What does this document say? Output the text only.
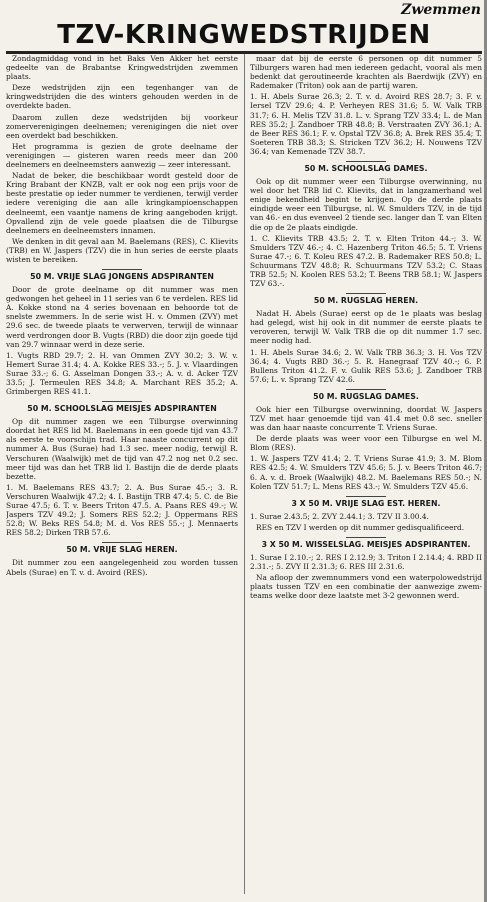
Zwemmen
TZV-KRINGWEDSTRIJDEN

Zondagmiddag vond in het Baks Ven Akker het eerste gedeelte van de Brabantse Kringwedstrijden zwemmen plaats.

Deze wedstrijden zijn een tegenhanger van de kringwedstrijden die des winters gehouden werden in de overdekte baden.

Daarom zullen deze wedstrijden bij voorkeur zomerverenigingen deelnemen; verenigingen die niet over een overdekt bad beschikken.

Het programma is gezien de grote deelname der verenigingen — gisteren waren reeds meer dan 200 deelnemers en deelneemsters aanwezig — zeer interessant.

Nadat de beker, die beschikbaar wordt gesteld door de Kring Brabant der KNZB, valt er ook nog een prijs voor de beste prestatie op ieder nummer te verdienen, terwijl verder iedere vereniging die aan alle kringkampioenschappen deelneemt, een vaantje namens de kring aangeboden krijgt. Opvallend zijn de vele goede plaatsen die de Tilburgse deelnemers en deelneemsters innamen.

We denken in dit geval aan M. Baelemans (RES), C. Klievits (TRB) en W. Jaspers (TZV) die in hun series de eerste plaats wisten te bereiken.

50 M. VRIJE SLAG JONGENS ADSPIRANTEN

Door de grote deelname op dit nummer was men gedwongen het geheel in 11 series van 6 te verdelen. RES lid A. Kokke stond na 4 series bovenaan en behoorde tot de snelste zwemmers. In de serie wist H. v. Ommen (ZVY) met 29.6 sec. de tweede plaats te verwerven, terwijl de winnaar werd verdrongen door B. Vugts (RBD) die door zijn goede tijd van 29.7 winnaar werd in deze serie.

1. Vugts RBD 29.7; 2. H. van Ommen ZVY 30.2; 3. W. v. Hemert Surae 31.4; 4. A. Kokke RES 33.-; 5. J. v. Vlaardingen Surae 33.-; 6. G. Asselman Dongen 33.-; A. v. d. Acker TZV 33.5; J. Termeulen RES 34.8; A. Marchant RES 35.2; A. Grimbergen RES 41.1.

50 M. SCHOOLSLAG MEISJES ADSPIRANTEN

Op dit nummer zagen we een Tilburgse overwinning doordat het RES lid M. Baelemans in een goede tijd van 43.7 als eerste te voorschijn trad. Haar naaste concurrent op dit nummer A. Bus (Surae) had 1.3 sec. meer nodig, terwijl R. Verschuren (Waalwijk) met de tijd van 47.2 nog net 0.2 sec. meer tijd was dan het TRB lid I. Bastijn die de derde plaats bezette.

1. M. Baelemans RES 43.7; 2. A. Bus Surae 45.-; 3. R. Verschuren Waalwijk 47.2; 4. I. Bastijn TRB 47.4; 5. C. de Bie Surae 47.5; 6. T. v. Beers Triton 47.5. A. Paans RES 49.-; W. Jaspers TZV 49.2; J. Somers RES 52.2; J. Oppermans RES 52.8; W. Beks RES 54.8; M. d. Vos RES 55.-; J. Mennaerts RES 58.2; Dirken TRB 57.6.

50 M. VRIJE SLAG HEREN.

Dit nummer zou een aangelegenheid zou worden tussen Abels (Surae) en T. v. d. Avoird (RES).

maar dat bij de eerste 6 personen op dit nummer 5 Tilburgers waren had men iedereen gedacht, vooral als men bedenkt dat geroutineerde krachten als Baerdwijk (ZVY) en Rademaker (Triton) ook aan de partij waren.

1. H. Abels Surae 26.3; 2. T. v. d. Avoird RES 28.7; 3. F. v. Iersel TZV 29.6; 4. P. Verheyen RES 31.6; 5. W. Valk TRB 31.7; 6. H. Melis TZV 31.8. L. v. Sprang TZV 33.4; L. de Man RES 35.2; J. Zandboer TRB 48.8; B. Verstraaten ZVY 36.1; A. de Beer RES 36.1; F. v. Opstal TZV 36.8; A. Brek RES 35.4; T. Soeteren TRB 38.3; S. Stricken TZV 36.2; H. Nouwens TZV 36.4; van Kemenade TZV 38.7.

50 M. SCHOOLSLAG DAMES.

Ook op dit nummer weer een Tilburgse overwinning, nu wel door het TRB lid C. Klievits, dat in langzamerhand wel enige bekendheid begint te krijgen. Op de derde plaats eindigde weer een Tilburgse, nl. W. Smulders TZV, in de tijd van 46.- en dus evenveel 2 tiende sec. langer dan T. van Elten die op de 2e plaats eindigde.

1. C. Klievits TRB 43.5; 2. T. v. Elten Triton 44.-; 3. W. Smulders TZV 46.-; 4. C. Hazenberg Triton 46.5; 5. T. Vriens Surae 47.-; 6. T. Koleu RES 47.2. B. Rademaker RES 50.8; L. Schuurmans TZV 48.8; R. Schuurmans TZV 53.2; C. Staas TRB 52.5; N. Koolen RES 53.2; T. Beens TRB 58.1; W. Jaspers TZV 63.-.

50 M. RUGSLAG HEREN.

Nadat H. Abels (Surae) eerst op de 1e plaats was beslag had gelegd, wist hij ook in dit nummer de eerste plaats te veroveren, terwijl W. Valk TRB die op dit nummer 1.7 sec. meer nodig had.

1. H. Abels Surae 34.6; 2. W. Valk TRB 36.3; 3. H. Vos TZV 36.4; 4. Vugts RBD 36.-; 5. R. Hanegraaf TZV 40.-; 6. P. Bullens Triton 41.2. F. v. Gulik RES 53.6; J. Zandboer TRB 57.6; L. v. Sprang TZV 42.6.

50 M. RUGSLAG DAMES.

Ook hier een Tilburgse overwinning, doordat W. Jaspers TZV met haar genoemde tijd van 41.4 met 0.8 sec. sneller was dan haar naaste concurrente T. Vriens Surae.

De derde plaats was weer voor een Tilburgse en wel M. Blom (RES).

1. W. Jaspers TZV 41.4; 2. T. Vriens Surae 41.9; 3. M. Blom RES 42.5; 4. W. Smulders TZV 45.6; 5. J. v. Beers Triton 46.7; 6. A. v. d. Broek (Waalwijk) 48.2. M. Baelemans RES 50.-; N. Kolen TZV 51.7; L. Mens RES 43.-; W. Smulders TZV 45.6.

3 X 50 M. VRIJE SLAG EST. HEREN.

1. Surae 2.43.5; 2. ZVY 2.44.1; 3. TZV II 3.00.4.

RES en TZV I werden op dit nummer gedisqualificeerd.

3 X 50 M. WISSELSLAG. MEISJES ADSPIRANTEN.

1. Surae I 2.10.-; 2. RES I 2.12.9; 3. Triton I 2.14.4; 4. RBD II 2.31.-; 5. ZVY II 2.31.3; 6. RES III 2.31.6.

Na afloop der zwemnummers vond een waterpolowedstrijd plaats tussen TZV en een combinatie der aanwezige zwem-teams welke door deze laatste met 3-2 gewonnen werd.
